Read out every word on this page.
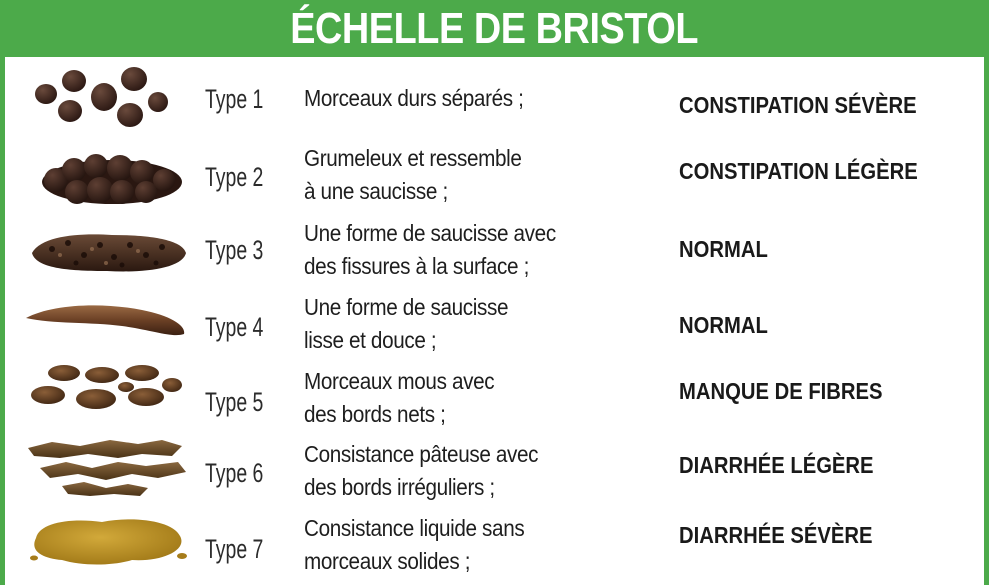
ÉCHELLE DE BRISTOL
Type 1 Morceaux durs séparés ;	CONSTIPATION SÉVÈRE
Type 2
Grumeleux et ressemble
à une saucisse ;
CONSTIPATION LÉGÈRE
Type 3
Une forme de saucisse avec
des fissures à la surface ;
NORMAL
Type 4
Une forme de saucisse
lisse et douce ;
NORMAL
Type 5
Morceaux mous avec
des bords nets ;
MANQUE DE FIBRES
Type 6
Consistance pâteuse avec
des bords irréguliers ;
DIARRHÉE LÉGÈRE
Type 7
Consistance liquide sans
morceaux solides ;
DIARRHÉE SÉVÈRE
